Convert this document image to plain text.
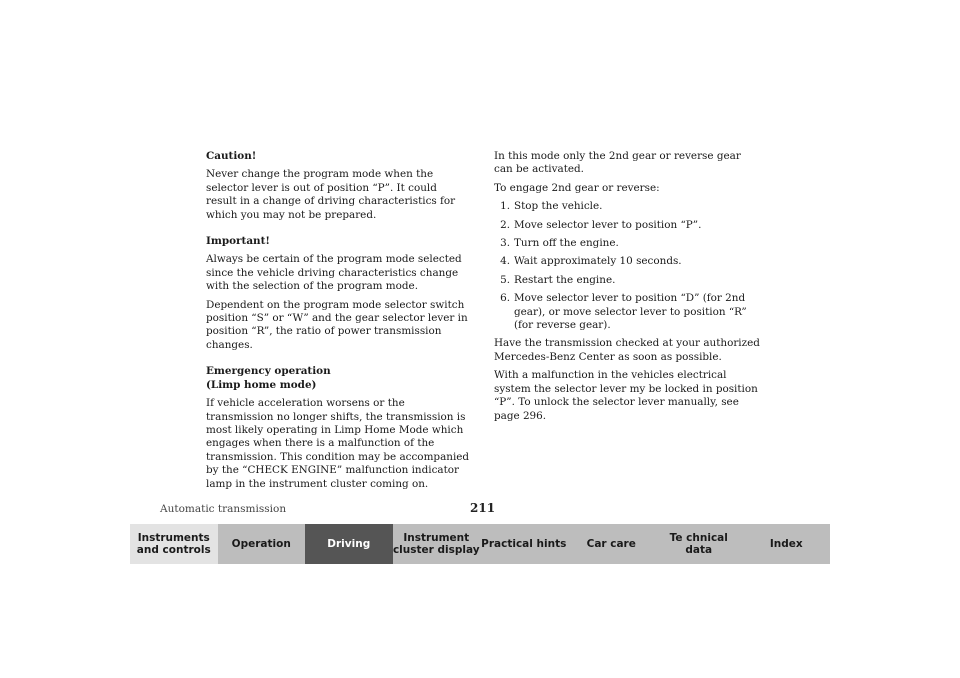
Caution!

Never change the program mode when the selector lever is out of position “P”. It could result in a change of driving characteristics for which you may not be prepared.

Important!

Always be certain of the program mode selected since the vehicle driving characteristics change with the selection of the program mode.

Dependent on the program mode selector switch position “S” or “W” and the gear selector lever in position “R”, the ratio of power transmission changes.

Emergency operation
(Limp home mode)

If vehicle acceleration worsens or the transmission no longer shifts, the transmission is most likely operating in Limp Home Mode which engages when there is a malfunction of the transmission. This condition may be accompanied by the “CHECK ENGINE” malfunction indicator lamp in the instrument cluster coming on.

In this mode only the 2nd gear or reverse gear can be activated.

To engage 2nd gear or reverse:

1. Stop the vehicle.
2. Move selector lever to position “P”.
3. Turn off the engine.
4. Wait approximately 10 seconds.
5. Restart the engine.
6. Move selector lever to position “D” (for 2nd gear), or move selector lever to position “R” (for reverse gear).

Have the transmission checked at your authorized Mercedes-Benz Center as soon as possible.

With a malfunction in the vehicles electrical system the selector lever my be locked in position “P”. To unlock the selector lever manually, see page 296.

Automatic transmission	211
Instruments
and controls
Operation	Driving
Instrument
cluster display
Practical hints	Car care
Te chnical
data
Index
